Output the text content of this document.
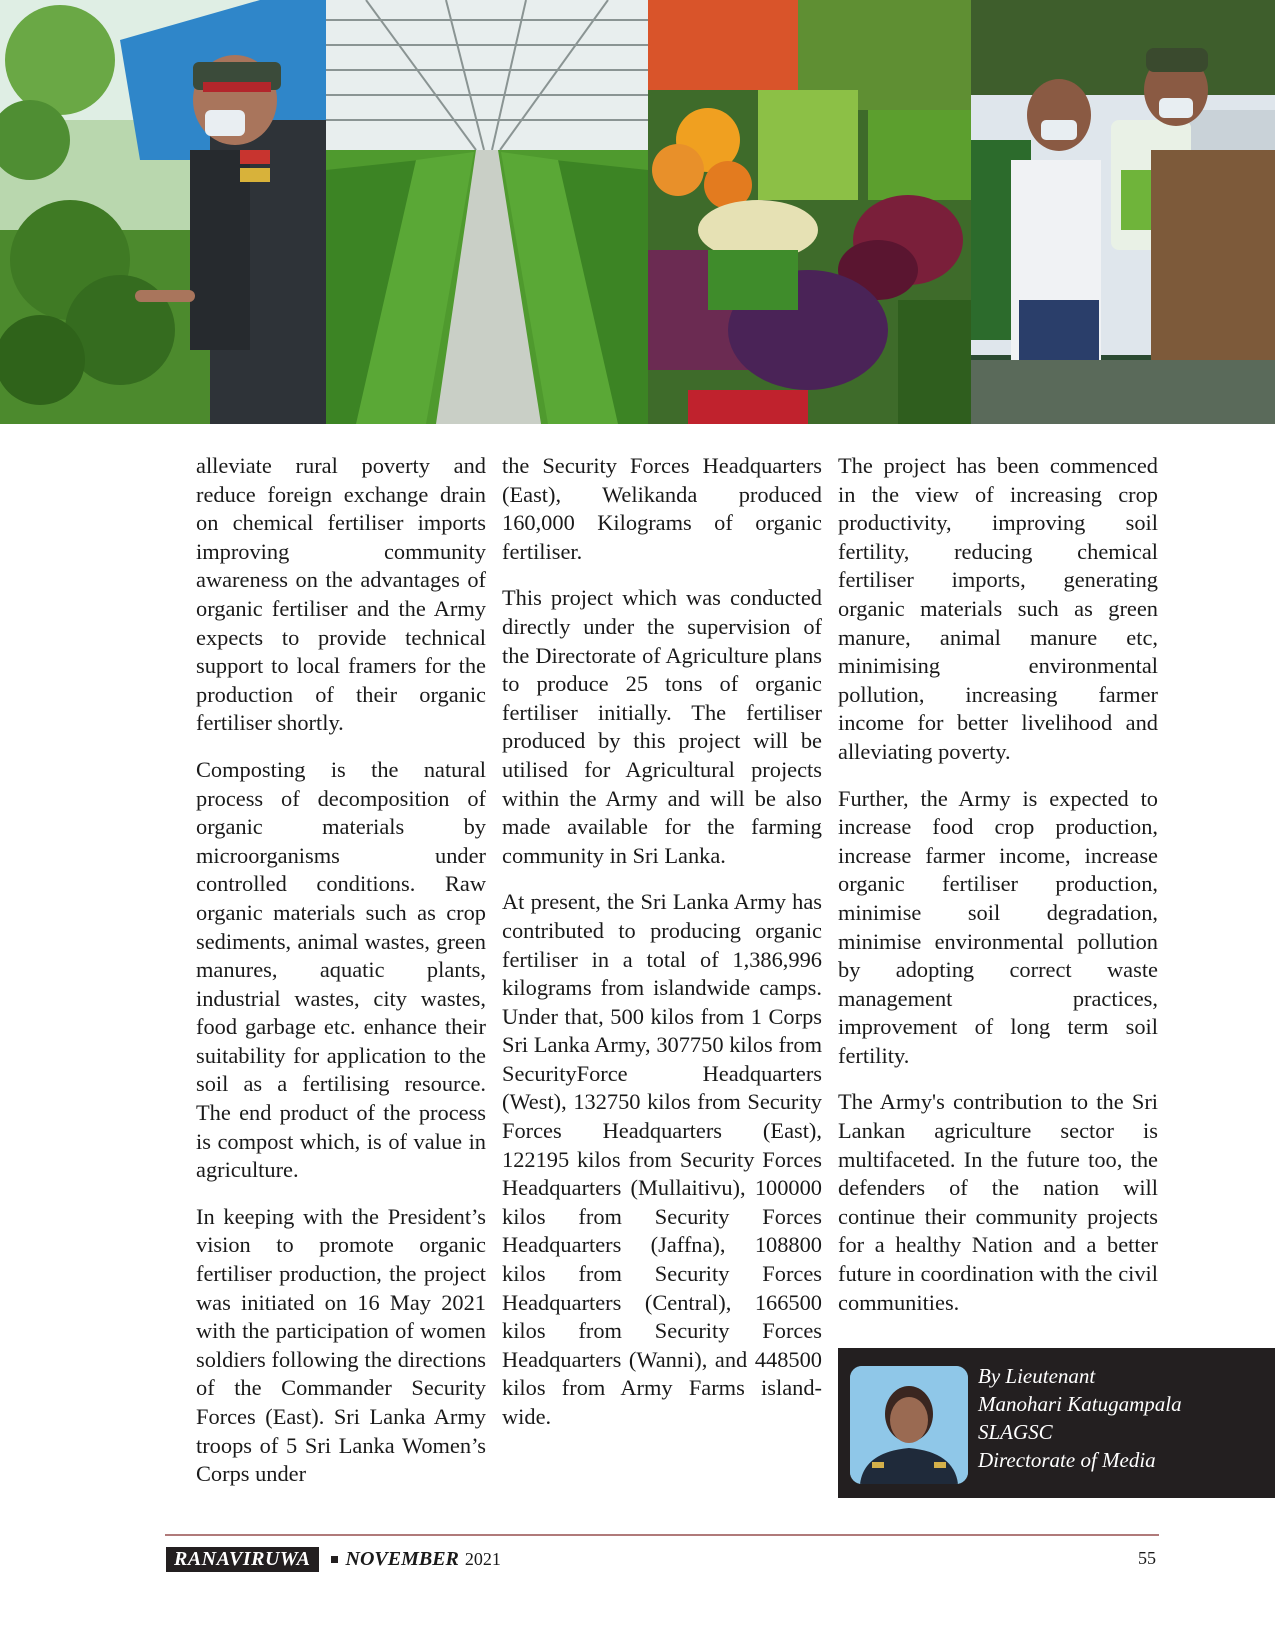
alleviate rural poverty and reduce foreign exchange drain on chemical fertiliser imports improving community awareness on the advantages of organic fertiliser and the Army expects to provide technical support to local framers for the production of their organic fertiliser shortly.

Composting is the natural process of decomposition of organic materials by microorganisms under controlled conditions. Raw organic materials such as crop sediments, animal wastes, green manures, aquatic plants, industrial wastes, city wastes, food garbage etc. enhance their suitability for application to the soil as a fertilising resource. The end product of the process is compost which, is of value in agriculture.

In keeping with the President’s vision to promote organic fertiliser production, the project was initiated on 16 May 2021 with the participation of women soldiers following the directions of the Commander Security Forces (East). Sri Lanka Army troops of 5 Sri Lanka Women’s Corps under

the Security Forces Headquarters (East), Welikanda produced 160,000 Kilograms of organic fertiliser.

This project which was conducted directly under the supervision of the Directorate of Agriculture plans to produce 25 tons of organic fertiliser initially. The fertiliser produced by this project will be utilised for Agricultural projects within the Army and will be also made available for the farming community in Sri Lanka.

At present, the Sri Lanka Army has contributed to producing organic fertiliser in a total of 1,386,996 kilograms from islandwide camps. Under that, 500 kilos from 1 Corps Sri Lanka Army, 307750 kilos from SecurityForce Headquarters (West), 132750 kilos from Security Forces Headquarters (East), 122195 kilos from Security Forces Headquarters (Mullaitivu), 100000 kilos from Security Forces Headquarters (Jaffna), 108800 kilos from Security Forces Headquarters (Central), 166500 kilos from Security Forces Headquarters (Wanni), and 448500 kilos from Army Farms island-wide.

The project has been commenced in the view of increasing crop productivity, improving soil fertility, reducing chemical fertiliser imports, generating organic materials such as green manure, animal manure etc, minimising environmental pollution, increasing farmer income for better livelihood and alleviating poverty.

Further, the Army is expected to increase food crop production, increase farmer income, increase organic fertiliser production, minimise soil degradation, minimise environmental pollution by adopting correct waste management practices, improvement of long term soil fertility.

The Army's contribution to the Sri Lankan agriculture sector is multifaceted. In the future too, the defenders of the nation will continue their community projects for a healthy Nation and a better future in coordination with the civil communities.

By Lieutenant
Manohari Katugampala
SLAGSC
Directorate of Media
RANAVIRUWA	NOVEMBER 2021	55
